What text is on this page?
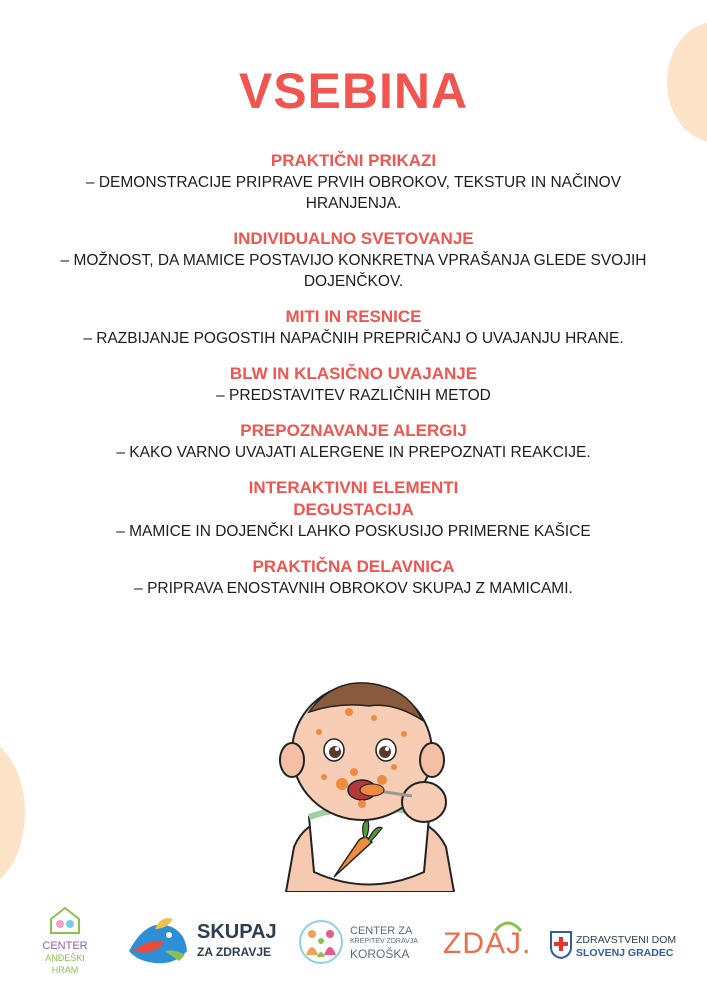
VSEBINA
PRAKTIČNI PRIKAZI
– DEMONSTRACIJE PRIPRAVE PRVIH OBROKOV, TEKSTUR IN NAČINOV HRANJENJA.
INDIVIDUALNO SVETOVANJE
– MOŽNOST, DA MAMICE POSTAVIJO KONKRETNA VPRAŠANJA GLEDE SVOJIH DOJENČKOV.
MITI IN RESNICE
– RAZBIJANJE POGOSTIH NAPAČNIH PREPRIČANJ O UVAJANJU HRANE.
BLW IN KLASIČNO UVAJANJE
– PREDSTAVITEV RAZLIČNIH METOD
PREPOZNAVANJE ALERGIJ
– KAKO VARNO UVAJATI ALERGENE IN PREPOZNATI REAKCIJE.
INTERAKTIVNI ELEMENTI
DEGUSTACIJA
– MAMICE IN DOJENČKI LAHKO POSKUSIJO PRIMERNE KAŠICE
PRAKTIČNA DELAVNICA
– PRIPRAVA ENOSTAVNIH OBROKOV SKUPAJ Z MAMICAMI.
CENTER
ANĐEŠKI HRAM
SKUPAJ
ZA ZDRAVJE
CENTER ZA
KREPITEV ZDRAVJA
KOROŠKA ZDAJ.	ZDRAVSTVENI DOM
SLOVENJ GRADEC
